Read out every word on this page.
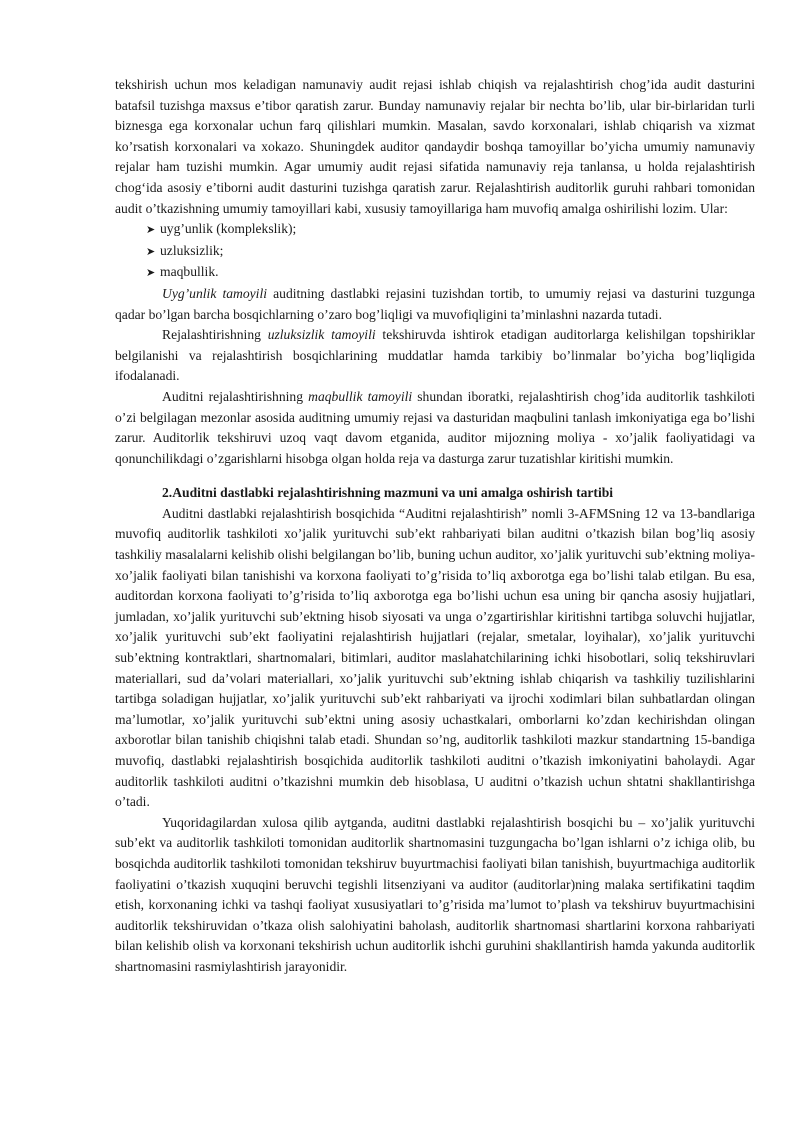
tekshirish uchun mos keladigan namunaviy audit rejasi ishlab chiqish va rejalashtirish chog’ida audit dasturini batafsil tuzishga maxsus e’tibor qaratish zarur. Bunday namunaviy rejalar bir nechta bo’lib, ular bir-birlaridan turli biznesga ega korxonalar uchun farq qilishlari mumkin. Masalan, savdo korxonalari, ishlab chiqarish va xizmat ko’rsatish korxonalari va xokazo. Shuningdek auditor qandaydir boshqa tamoyillar bo’yicha umumiy namunaviy rejalar ham tuzishi mumkin. Agar umumiy audit rejasi sifatida namunaviy reja tanlansa, u holda rejalashtirish chog‘ida asosiy e’tiborni audit dasturini tuzishga qaratish zarur. Rejalashtirish auditorlik guruhi rahbari tomonidan audit o’tkazishning umumiy tamoyillari kabi, xususiy tamoyillariga ham muvofiq amalga oshirilishi lozim. Ular:

➤ uyg’unlik (komplekslik);
➤ uzluksizlik;
➤ maqbullik.

Uyg’unlik tamoyili auditning dastlabki rejasini tuzishdan tortib, to umumiy rejasi va dasturini tuzgunga qadar bo’lgan barcha bosqichlarning o’zaro bog’liqligi va muvofiqligini ta’minlashni nazarda tutadi.

Rejalashtirishning uzluksizlik tamoyili tekshiruvda ishtirok etadigan auditorlarga kelishilgan topshiriklar belgilanishi va rejalashtirish bosqichlarining muddatlar hamda tarkibiy bo’linmalar bo’yicha bog’liqligida ifodalanadi.

Auditni rejalashtirishning maqbullik tamoyili shundan iboratki, rejalashtirish chog’ida auditorlik tashkiloti o’zi belgilagan mezonlar asosida auditning umumiy rejasi va dasturidan maqbulini tanlash imkoniyatiga ega bo’lishi zarur. Auditorlik tekshiruvi uzoq vaqt davom etganida, auditor mijozning moliya - xo’jalik faoliyatidagi va qonunchilikdagi o’zgarishlarni hisobga olgan holda reja va dasturga zarur tuzatishlar kiritishi mumkin.

2.Auditni dastlabki rejalashtirishning mazmuni va uni amalga oshirish tartibi

Auditni dastlabki rejalashtirish bosqichida “Auditni rejalashtirish” nomli 3-AFMSning 12 va 13-bandlariga muvofiq auditorlik tashkiloti xo’jalik yurituvchi sub’ekt rahbariyati bilan auditni o’tkazish bilan bog’liq asosiy tashkiliy masalalarni kelishib olishi belgilangan bo’lib, buning uchun auditor, xo’jalik yurituvchi sub’ektning moliya-xo’jalik faoliyati bilan tanishishi va korxona faoliyati to’g’risida to’liq axborotga ega bo’lishi talab etilgan. Bu esa, auditordan korxona faoliyati to’g’risida to’liq axborotga ega bo’lishi uchun esa uning bir qancha asosiy hujjatlari, jumladan, xo’jalik yurituvchi sub’ektning hisob siyosati va unga o’zgartirishlar kiritishni tartibga soluvchi hujjatlar, xo’jalik yurituvchi sub’ekt faoliyatini rejalashtirish hujjatlari (rejalar, smetalar, loyihalar), xo’jalik yurituvchi sub’ektning kontraktlari, shartnomalari, bitimlari, auditor maslahatchilarining ichki hisobotlari, soliq tekshiruvlari materiallari, sud da’volari materiallari, xo’jalik yurituvchi sub’ektning ishlab chiqarish va tashkiliy tuzilishlarini tartibga soladigan hujjatlar, xo’jalik yurituvchi sub’ekt rahbariyati va ijrochi xodimlari bilan suhbatlardan olingan ma’lumotlar, xo’jalik yurituvchi sub’ektni uning asosiy uchastkalari, omborlarni ko’zdan kechirishdan olingan axborotlar bilan tanishib chiqishni talab etadi. Shundan so’ng, auditorlik tashkiloti mazkur standartning 15-bandiga muvofiq, dastlabki rejalashtirish bosqichida auditorlik tashkiloti auditni o’tkazish imkoniyatini baholaydi. Agar auditorlik tashkiloti auditni o’tkazishni mumkin deb hisoblasa, U auditni o’tkazish uchun shtatni shakllantirishga o’tadi.

Yuqoridagilardan xulosa qilib aytganda, auditni dastlabki rejalashtirish bosqichi bu – xo’jalik yurituvchi sub’ekt va auditorlik tashkiloti tomonidan auditorlik shartnomasini tuzgungacha bo’lgan ishlarni o’z ichiga olib, bu bosqichda auditorlik tashkiloti tomonidan tekshiruv buyurtmachisi faoliyati bilan tanishish, buyurtmachiga auditorlik faoliyatini o’tkazish xuquqini beruvchi tegishli litsenziyani va auditor (auditorlar)ning malaka sertifikatini taqdim etish, korxonaning ichki va tashqi faoliyat xususiyatlari to’g’risida ma’lumot to’plash va tekshiruv buyurtmachisini auditorlik tekshiruvidan o’tkaza olish salohiyatini baholash, auditorlik shartnomasi shartlarini korxona rahbariyati bilan kelishib olish va korxonani tekshirish uchun auditorlik ishchi guruhini shakllantirish hamda yakunda auditorlik shartnomasini rasmiylashtirish jarayonidir.
